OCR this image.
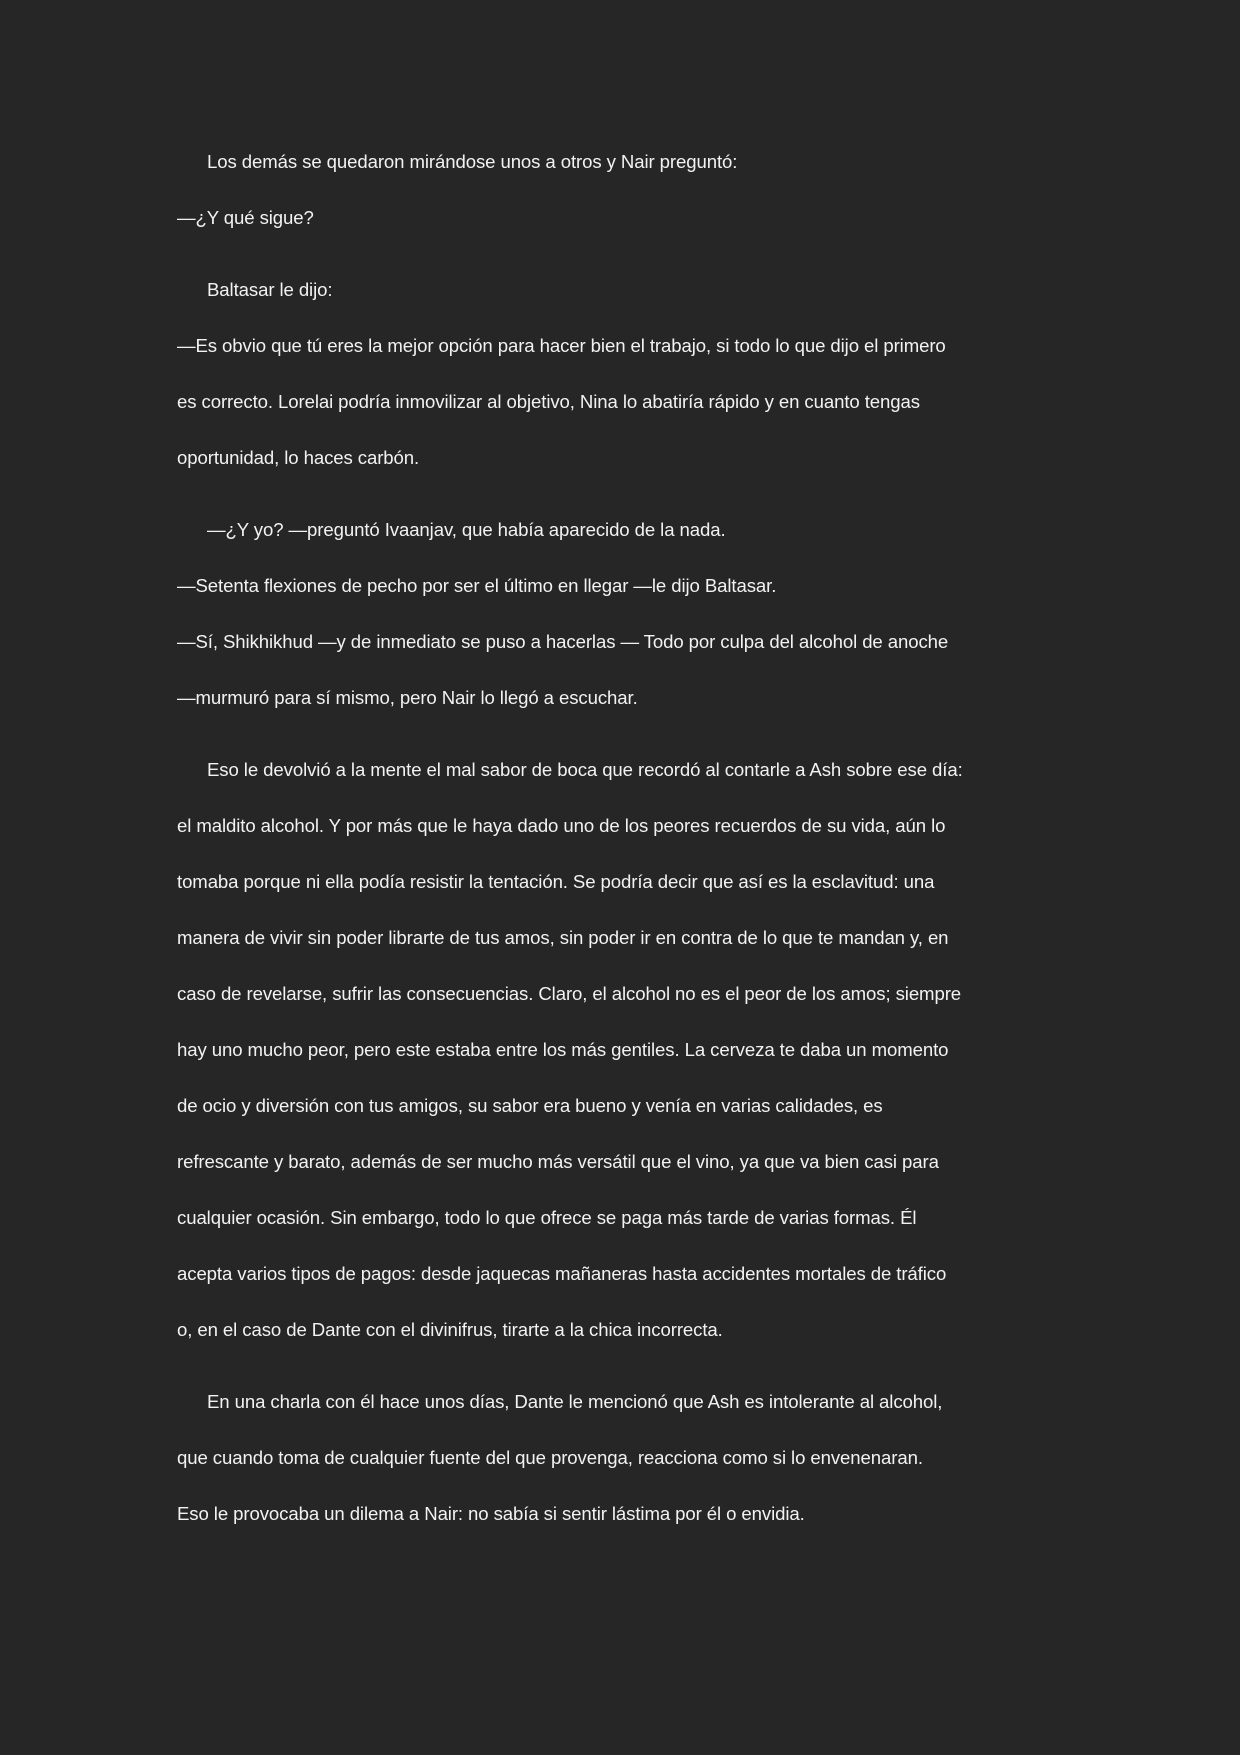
Los demás se quedaron mirándose unos a otros y Nair preguntó:

—¿Y qué sigue?

Baltasar le dijo:

—Es obvio que tú eres la mejor opción para hacer bien el trabajo, si todo lo que dijo el primero
es correcto. Lorelai podría inmovilizar al objetivo, Nina lo abatiría rápido y en cuanto tengas
oportunidad, lo haces carbón.

—¿Y yo? —preguntó Ivaanjav, que había aparecido de la nada.

—Setenta flexiones de pecho por ser el último en llegar —le dijo Baltasar.

—Sí, Shikhikhud —y de inmediato se puso a hacerlas — Todo por culpa del alcohol de anoche
—murmuró para sí mismo, pero Nair lo llegó a escuchar.

Eso le devolvió a la mente el mal sabor de boca que recordó al contarle a Ash sobre ese día:
el maldito alcohol. Y por más que le haya dado uno de los peores recuerdos de su vida, aún lo
tomaba porque ni ella podía resistir la tentación. Se podría decir que así es la esclavitud: una
manera de vivir sin poder librarte de tus amos, sin poder ir en contra de lo que te mandan y, en
caso de revelarse, sufrir las consecuencias. Claro, el alcohol no es el peor de los amos; siempre
hay uno mucho peor, pero este estaba entre los más gentiles. La cerveza te daba un momento
de ocio y diversión con tus amigos, su sabor era bueno y venía en varias calidades, es
refrescante y barato, además de ser mucho más versátil que el vino, ya que va bien casi para
cualquier ocasión. Sin embargo, todo lo que ofrece se paga más tarde de varias formas. Él
acepta varios tipos de pagos: desde jaquecas mañaneras hasta accidentes mortales de tráfico
o, en el caso de Dante con el divinifrus, tirarte a la chica incorrecta.

En una charla con él hace unos días, Dante le mencionó que Ash es intolerante al alcohol,
que cuando toma de cualquier fuente del que provenga, reacciona como si lo envenenaran.
Eso le provocaba un dilema a Nair: no sabía si sentir lástima por él o envidia.
